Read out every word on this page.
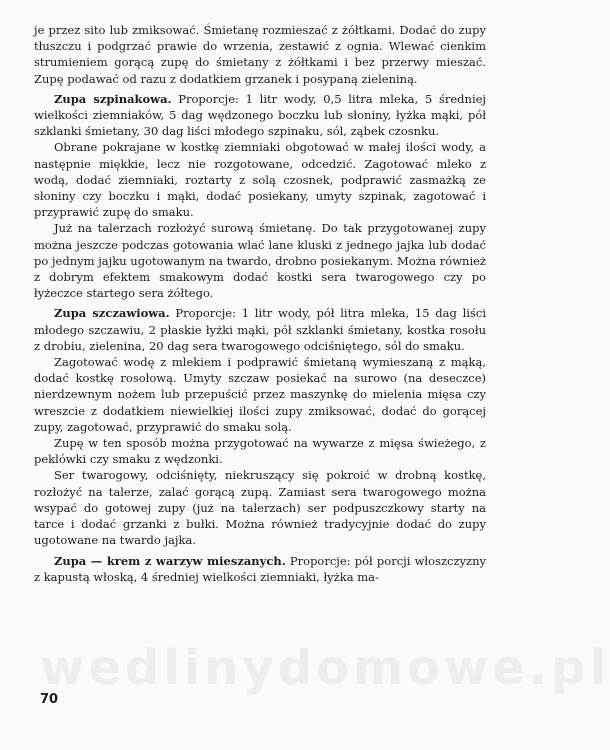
wedlinydomowe.pl

je przez sito lub zmiksować. Śmietanę rozmieszać z żółtkami. Dodać do zupy tłuszczu i podgrzać prawie do wrzenia, zestawić z ognia. Wlewać cienkim strumieniem gorącą zupę do śmietany z żółtkami i bez przerwy mieszać. Zupę podawać od razu z dodatkiem grzanek i posypaną zieleniną.

Zupa szpinakowa. Proporcje: 1 litr wody, 0,5 litra mleka, 5 średniej wielkości ziemniaków, 5 dag wędzonego boczku lub słoniny, łyżka mąki, pół szklanki śmietany, 30 dag liści młodego szpinaku, sól, ząbek czosnku.

Obrane pokrajane w kostkę ziemniaki obgotować w małej ilości wody, a następnie miękkie, lecz nie rozgotowane, odcedzić. Zagotować mleko z wodą, dodać ziemniaki, roztarty z solą czosnek, podprawić zasmażką ze słoniny czy boczku i mąki, dodać posiekany, umyty szpinak, zagotować i przyprawić zupę do smaku.

Już na talerzach rozłożyć surową śmietanę. Do tak przygotowanej zupy można jeszcze podczas gotowania wlać lane kluski z jednego jajka lub dodać po jednym jajku ugotowanym na twardo, drobno posiekanym. Można również z dobrym efektem smakowym dodać kostki sera twarogowego czy po łyżeczce startego sera żółtego.

Zupa szczawiowa. Proporcje: 1 litr wody, pół litra mleka, 15 dag liści młodego szczawiu, 2 płaskie łyżki mąki, pół szklanki śmietany, kostka rosołu z drobiu, zielenina, 20 dag sera twarogowego odciśniętego, sól do smaku.

Zagotować wodę z mlekiem i podprawić śmietaną wymieszaną z mąką, dodać kostkę rosołową. Umyty szczaw posiekać na surowo (na deseczce) nierdzewnym nożem lub przepuścić przez maszynkę do mielenia mięsa czy wreszcie z dodatkiem niewielkiej ilości zupy zmiksować, dodać do gorącej zupy, zagotować, przyprawić do smaku solą.

Zupę w ten sposób można przygotować na wywarze z mięsa świeżego, z peklówki czy smaku z wędzonki.

Ser twarogowy, odciśnięty, niekruszący się pokroić w drobną kostkę, rozłożyć na talerze, zalać gorącą zupą. Zamiast sera twarogowego można wsypać do gotowej zupy (już na talerzach) ser podpuszczkowy starty na tarce i dodać grzanki z bułki. Można również tradycyjnie dodać do zupy ugotowane na twardo jajka.

Zupa — krem z warzyw mieszanych. Proporcje: pół porcji włoszczyzny z kapustą włoską, 4 średniej wielkości ziemniaki, łyżka ma-

70
